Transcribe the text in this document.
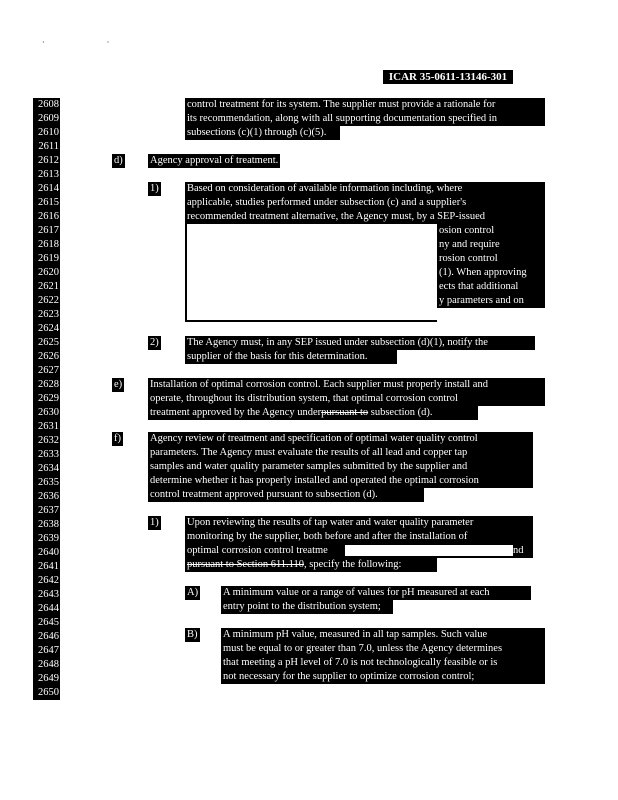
· ·
ICAR 35-0611-13146-301
2608
2609
2610
2611
2612
2613
2614
2615
2616
2617
2618
2619
2620
2621
2622
2623
2624
2625
2626
2627
2628
2629
2630
2631
2632
2633
2634
2635
2636
2637
2638
2639
2640
2641
2642
2643
2644
2645
2646
2647
2648
2649
2650
control treatment for its system. The supplier must provide a rationale for
its recommendation, along with all supporting documentation specified in
subsections (c)(1) through (c)(5).
d)	Agency approval of treatment.
1)	Based on consideration of available information including, where
applicable, studies performed under subsection (c) and a supplier's
recommended treatment alternative, the Agency must, by a SEP-issued
osion control
ny and require
rosion control
(1). When approving
ects that additional
y parameters and on
2)	The Agency must, in any SEP issued under subsection (d)(1), notify the
supplier of the basis for this determination.
e)	Installation of optimal corrosion control. Each supplier must properly install and
operate, throughout its distribution system, that optimal corrosion control
treatment approved by the Agency underpursuant to subsection (d).
f)	Agency review of treatment and specification of optimal water quality control
parameters. The Agency must evaluate the results of all lead and copper tap
samples and water quality parameter samples submitted by the supplier and
determine whether it has properly installed and operated the optimal corrosion
control treatment approved pursuant to subsection (d).
1)	Upon reviewing the results of tap water and water quality parameter
monitoring by the supplier, both before and after the installation of
optimal corrosion control treatme
pursuant to Section 611.110, specify the following:
nd
A) A minimum value or a range of values for pH measured at each
entry point to the distribution system;
B) A minimum pH value, measured in all tap samples. Such value
must be equal to or greater than 7.0, unless the Agency determines
that meeting a pH level of 7.0 is not technologically feasible or is
not necessary for the supplier to optimize corrosion control;
